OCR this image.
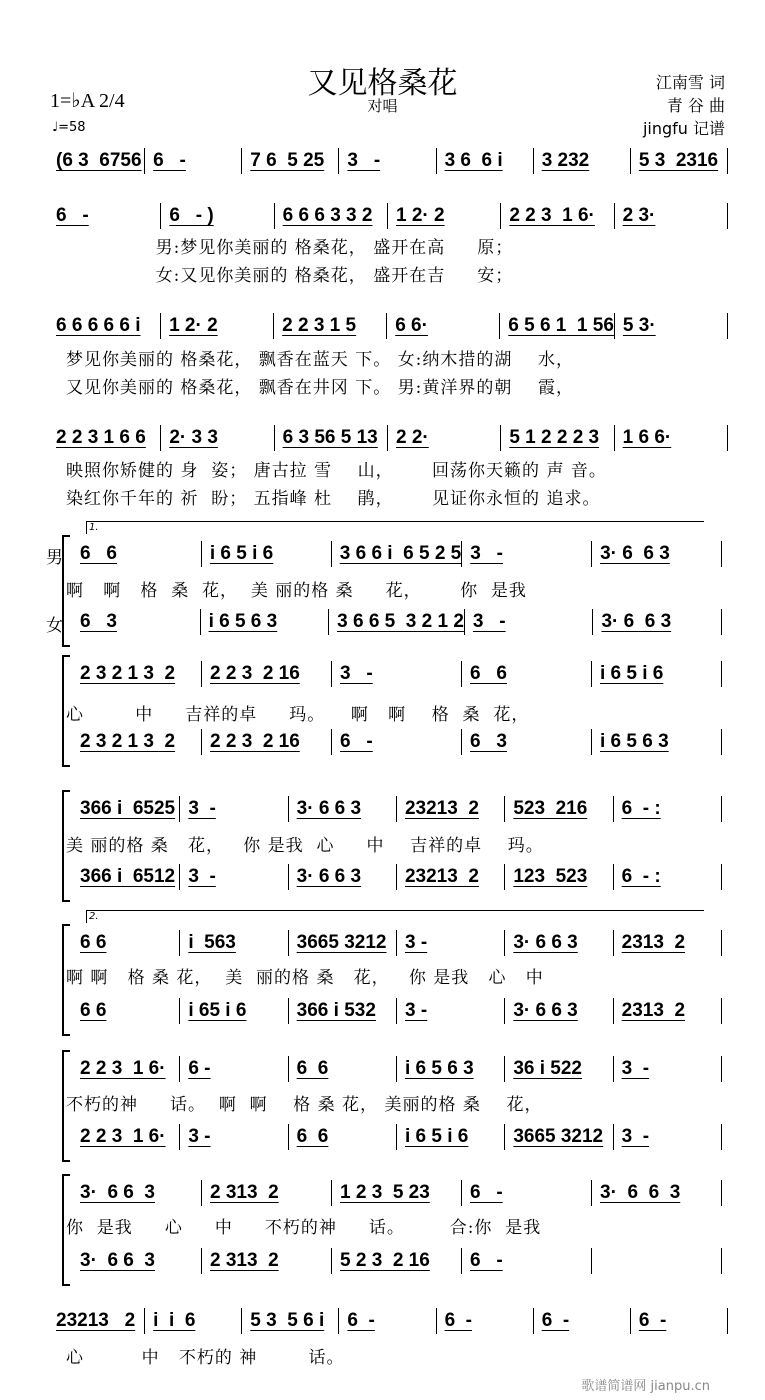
又见格桑花
对唱
江南雪 词
青 谷 曲
jingfu 记谱
1=♭A 2/4
♩=58
(6 3  6756 6   -	7 6  5 25	3   -	3 6  6 i	3 232	5 3  2316
6   -	6   - )	6 6 6 3 3 2	1 2· 2	2 2 3  1 6·	2 3·
男:梦见你美丽的 格桑花， 盛开在高     原；
女:又见你美丽的 格桑花， 盛开在吉     安；
6 6 6 6 6 i	1 2· 2	2 2 3 1 5	6 6·	6 5 6 1  1 56 5 3·
梦见你美丽的 格桑花， 飘香在蓝天 下。 女:纳木措的湖    水，
又见你美丽的 格桑花， 飘香在井冈 下。 男:黄洋界的朝    霞，
2 2 3 1 6 6	2· 3 3	6 3 56 5 13 2 2·	5 1 2 2 2 3	1 6 6·
映照你矫健的 身  姿； 唐古拉 雪    山，      回荡你天籁的 声 音。
染红你千年的 祈  盼； 五指峰 杜    鹃，      见证你永恒的 追求。
1.
男
女
6   6	i 6 5 i 6	3 6 6 i  6 5 2 5 3   -	3· 6  6 3
6   3	i 6 5 6 3	3 6 6 5  3 2 1 2 3   -	3· 6  6 3
啊   啊   格  桑  花，  美 丽的格 桑     花，      你  是我
2 3 2 1 3  2	2 2 3  2 16	3   -	6   6	i 6 5 i 6
2 3 2 1 3  2	2 2 3  2 16	6   -	6   3	i 6 5 6 3
心        中     吉祥的卓     玛。    啊   啊    格  桑  花，
366 i  6525 3  -	3· 6 6 3	23213  2	523  216	6  - :
366 i  6512 3  -	3· 6 6 3	23213  2	123  523	6  - :
美 丽的格 桑   花，   你 是我  心     中    吉祥的卓    玛。
2.
6 6	i  563	3665 3212 3 -	3· 6 6 3	2313  2
6 6	i 65 i 6	366 i 532	3 -	3· 6 6 3	2313  2
啊 啊   格 桑 花，  美  丽的格 桑   花，   你 是我   心   中
2 2 3  1 6·	6 -	6  6	i 6 5 6 3	36 i 522	3  -
2 2 3  1 6·	3 -	6  6	i 6 5 i 6	3665 3212 3  -
不朽的神     话。  啊  啊    格 桑 花， 美丽的格 桑    花，
3·  6 6  3	2 313  2	1 2 3  5 23	6   -	3·  6  6  3
3·  6 6  3	2 313  2	5 2 3  2 16	6   -
你  是我     心     中     不朽的神     话。       合:你  是我
23213   2 i  i  6	5 3  5 6 i	6  -	6  -	6  -	6  -
心         中   不朽的 神        话。
歌谱简谱网 jianpu.cn
